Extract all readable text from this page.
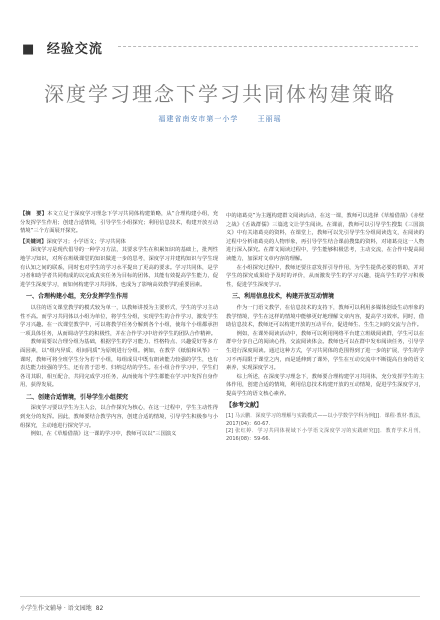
■ 经验交流
深度学习理念下学习共同体构建策略
福建省南安市第一小学	王丽瑶

【摘　要】本文立足于深度学习理念下学习共同体构建策略，从“合理构建小组，充分发挥学生作用；创建合适情境，引导学生小组探究；利用信息技术，构建开放互动情境”三个方面展开探究。

【关键词】深度学习；小学语文；学习共同体

深度学习是现代倡导的一种学习方法，其要求学生在积累知识的基础上，批判性地学习知识，对所在班级课堂的知识做进一步的思考，深度学习并建构知识与学生现有认知之间的联系，同时也对学生的学习水平提出了更高的要求。学习共同体，是学习者和助学者共同构成的以完成真实任务为目标的团体，其能有效提高学生能力，促进学生深度学习，而如何构建学习共同体，也成为了影响高效教学的重要因素。

一、合理构建小组，充分发挥学生作用

以往的语文课堂教学的模式较为单一，以教师讲授为主要形式，学生的学习主动性不高。而学习共同体以小组为单位，将学生分组，实现学生的合作学习，激发学生学习兴趣。在一次课堂教学中，可以将教学任务分解到各个小组，使每个小组都承担一项具体任务，从而调动学生的积极性，并在合作学习中培养学生的团队合作精神。

教师需要以合理分组为基础，根据学生的学习能力、性格特点、兴趣爱好等多方面因素，以“组内异质、组间同质”为原则进行分组。例如，在教学《纸船和风筝》一课时，教师可将全班学生分为若干小组，每组成员中既有朗读能力较强的学生，也有表达能力较强的学生，还有善于思考、归纳总结的学生。在小组合作学习中，学生们各司其职，相互配合，共同完成学习任务，从而使每个学生都能在学习中发挥自身作用，获得发展。

二、创建合适情境，引导学生小组探究

深度学习要以学生为主人公，以合作探究为核心，在这一过程中，学生主动性得到充分的发挥。因此，教师要结合教学内容，创建合适的情境，引导学生积极参与小组探究，主动地进行探究学习。

例如，在《草船借箭》这一课的学习中，教师可以以“三国演义

中的诸葛亮”为主题构建群文阅读活动，在这一课，教师可以选择《草船借箭》《赤壁之战》《舌战群儒》三篇选文让学生阅读。在课前，教师可以引导学生搜集《三国演义》中有关诸葛亮的资料，在课堂上，教师可以先引导学生分组阅读选文，在阅读的过程中分析诸葛亮的人物形象，再引导学生结合课前搜集的资料，对诸葛亮这一人物进行深入探究。在群文阅读过程中，学生能够积极思考，主动交流，在合作中提高阅读能力，加深对文章内容的理解。

在小组探究过程中，教师还要注意发挥引导作用，为学生提供必要的帮助，并对学生的探究成果给予及时的评价，从而激发学生的学习兴趣，提高学生的学习积极性，促进学生深度学习。

三、利用信息技术，构建开放互动情境

作为一门语文教学，在信息技术的支持下，教师可以利用多媒体创设生动形象的教学情境，学生在这样的情境中能够更好地理解文章内容，提高学习效率。同时，借助信息技术，教师还可以构建开放的互动平台，促进师生、生生之间的交流与合作。

例如，在课外阅读活动中，教师可以利用网络平台建立班级阅读群，学生可以在群中分享自己的阅读心得，交流阅读体会。教师也可以在群中发布阅读任务，引导学生进行深度阅读。通过这种方式，学习共同体的范围得到了进一步的扩展，学生的学习不再局限于课堂之内，而是延伸到了课外，学生在互动交流中不断提高自身的语文素养，实现深度学习。

综上所述，在深度学习理念下，教师要合理构建学习共同体，充分发挥学生的主体作用，创建合适的情境，利用信息技术构建开放的互动情境，促进学生深度学习，提高学生的语文核心素养。

【参考文献】

[1] 马云鹏．深度学习的理解与实践模式——以小学数学学科为例[J]．课程·教材·教法，2017(04)：60-67.

[2] 张红婷．学习共同体视域下小学语文深度学习的实践研究[J]．教育学术月刊，2016(08)：59-66.

小学生作文辅导 · 语文园地 82
